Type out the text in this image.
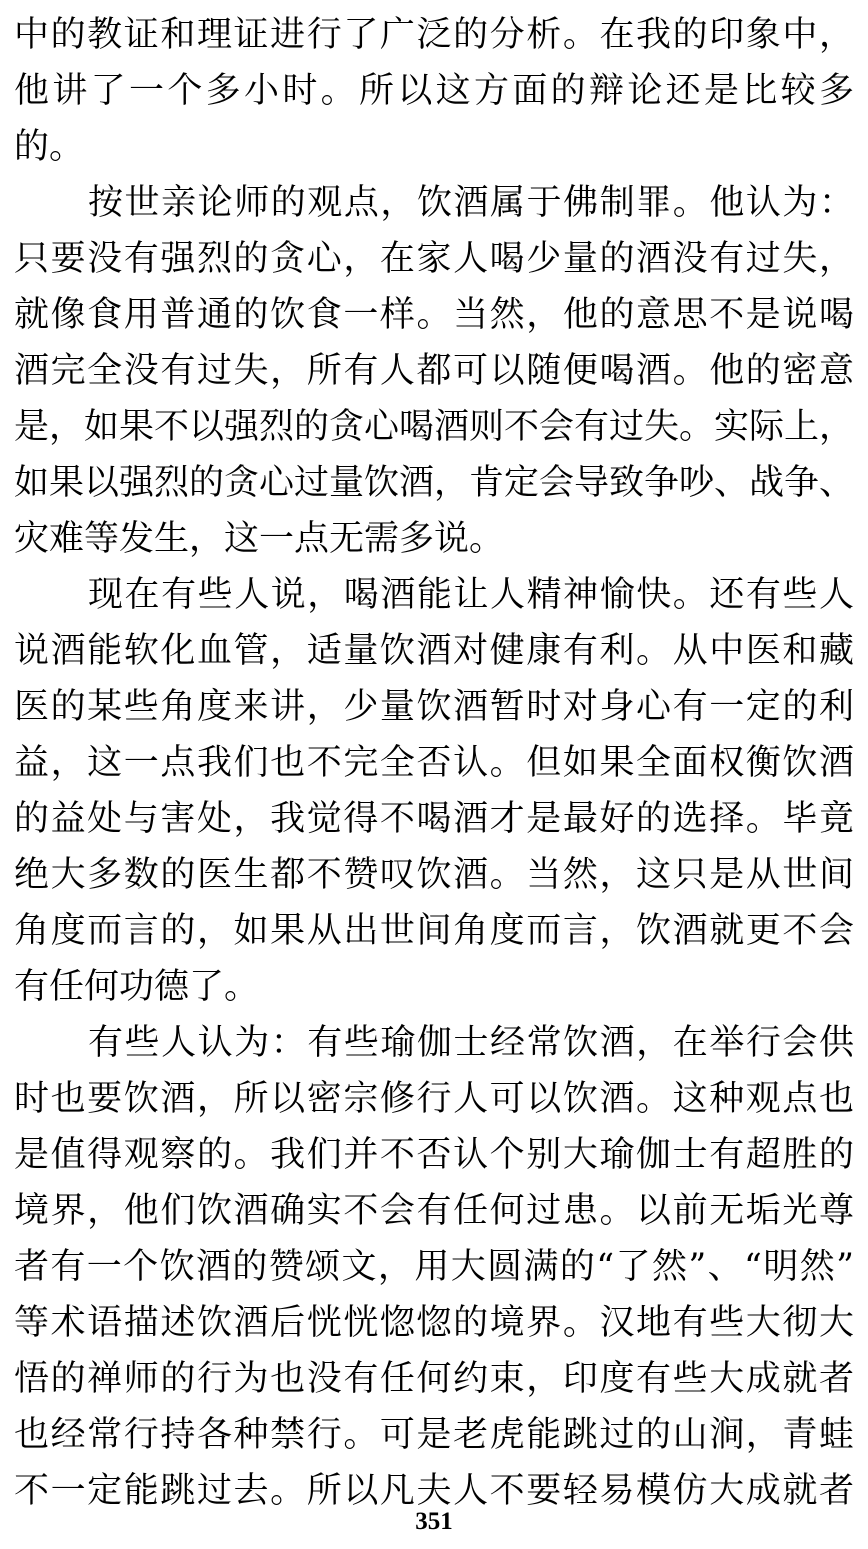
中的教证和理证进行了广泛的分析。在我的印象中，
他讲了一个多小时。所以这方面的辩论还是比较多
的。
按世亲论师的观点，饮酒属于佛制罪。他认为：
只要没有强烈的贪心，在家人喝少量的酒没有过失，
就像食用普通的饮食一样。当然，他的意思不是说喝
酒完全没有过失，所有人都可以随便喝酒。他的密意
是，如果不以强烈的贪心喝酒则不会有过失。实际上，
如果以强烈的贪心过量饮酒，肯定会导致争吵、战争、
灾难等发生，这一点无需多说。
现在有些人说，喝酒能让人精神愉快。还有些人
说酒能软化血管，适量饮酒对健康有利。从中医和藏
医的某些角度来讲，少量饮酒暂时对身心有一定的利
益，这一点我们也不完全否认。但如果全面权衡饮酒
的益处与害处，我觉得不喝酒才是最好的选择。毕竟
绝大多数的医生都不赞叹饮酒。当然，这只是从世间
角度而言的，如果从出世间角度而言，饮酒就更不会
有任何功德了。
有些人认为：有些瑜伽士经常饮酒，在举行会供
时也要饮酒，所以密宗修行人可以饮酒。这种观点也
是值得观察的。我们并不否认个别大瑜伽士有超胜的
境界，他们饮酒确实不会有任何过患。以前无垢光尊
者有一个饮酒的赞颂文，用大圆满的“了然”、“明然”
等术语描述饮酒后恍恍惚惚的境界。汉地有些大彻大
悟的禅师的行为也没有任何约束，印度有些大成就者
也经常行持各种禁行。可是老虎能跳过的山涧，青蛙
不一定能跳过去。所以凡夫人不要轻易模仿大成就者
351
